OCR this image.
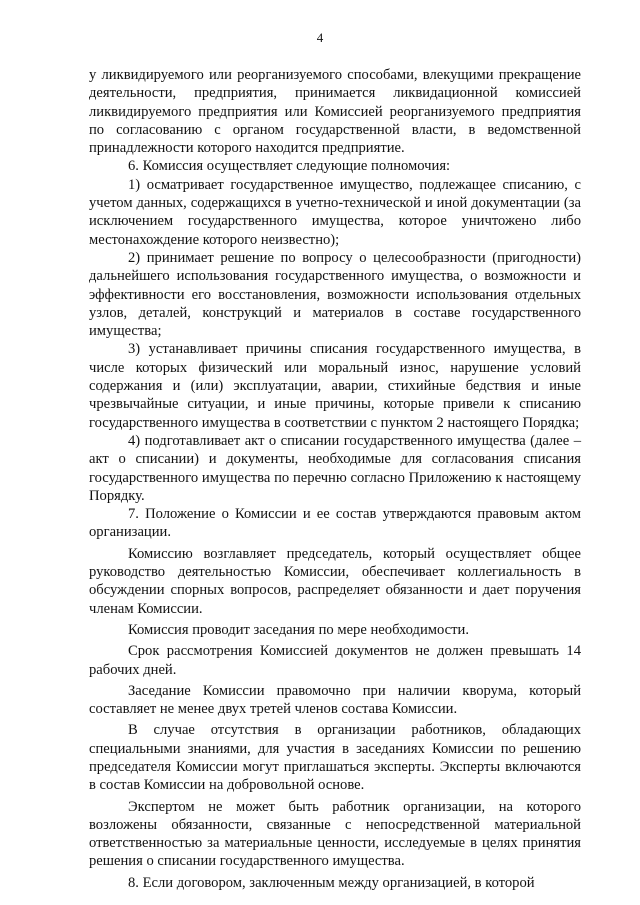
4

у ликвидируемого или реорганизуемого способами, влекущими прекращение деятельности, предприятия, принимается ликвидационной комиссией ликвидируемого предприятия или Комиссией реорганизуемого предприятия по согласованию с органом государственной власти, в ведомственной принадлежности которого находится предприятие.

6. Комиссия осуществляет следующие полномочия:

1) осматривает государственное имущество, подлежащее списанию, с учетом данных, содержащихся в учетно-технической и иной документации (за исключением государственного имущества, которое уничтожено либо местонахождение которого неизвестно);

2) принимает решение по вопросу о целесообразности (пригодности) дальнейшего использования государственного имущества, о возможности и эффективности его восстановления, возможности использования отдельных узлов, деталей, конструкций и материалов в составе государственного имущества;

3) устанавливает причины списания государственного имущества, в числе которых физический или моральный износ, нарушение условий содержания и (или) эксплуатации, аварии, стихийные бедствия и иные чрезвычайные ситуации, и иные причины, которые привели к списанию государственного имущества в соответствии с пунктом 2 настоящего Порядка;

4) подготавливает акт о списании государственного имущества (далее – акт о списании) и документы, необходимые для согласования списания государственного имущества по перечню согласно Приложению к настоящему Порядку.

7. Положение о Комиссии и ее состав утверждаются правовым актом организации.

Комиссию возглавляет председатель, который осуществляет общее руководство деятельностью Комиссии, обеспечивает коллегиальность в обсуждении спорных вопросов, распределяет обязанности и дает поручения членам Комиссии.

Комиссия проводит заседания по мере необходимости.

Срок рассмотрения Комиссией документов не должен превышать 14 рабочих дней.

Заседание Комиссии правомочно при наличии кворума, который составляет не менее двух третей членов состава Комиссии.

В случае отсутствия в организации работников, обладающих специальными знаниями, для участия в заседаниях Комиссии по решению председателя Комиссии могут приглашаться эксперты. Эксперты включаются в состав Комиссии на добровольной основе.

Экспертом не может быть работник организации, на которого возложены обязанности, связанные с непосредственной материальной ответственностью за материальные ценности, исследуемые в целях принятия решения о списании государственного имущества.

8. Если договором, заключенным между организацией, в которой
